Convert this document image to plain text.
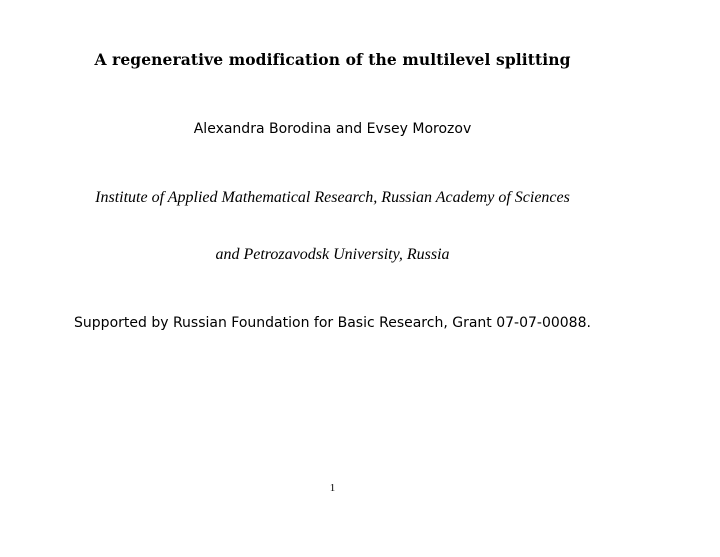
A regenerative modification of the multilevel splitting
Alexandra Borodina and Evsey Morozov
Institute of Applied Mathematical Research, Russian Academy of Sciences
and Petrozavodsk University, Russia
Supported by Russian Foundation for Basic Research, Grant 07-07-00088.
1
